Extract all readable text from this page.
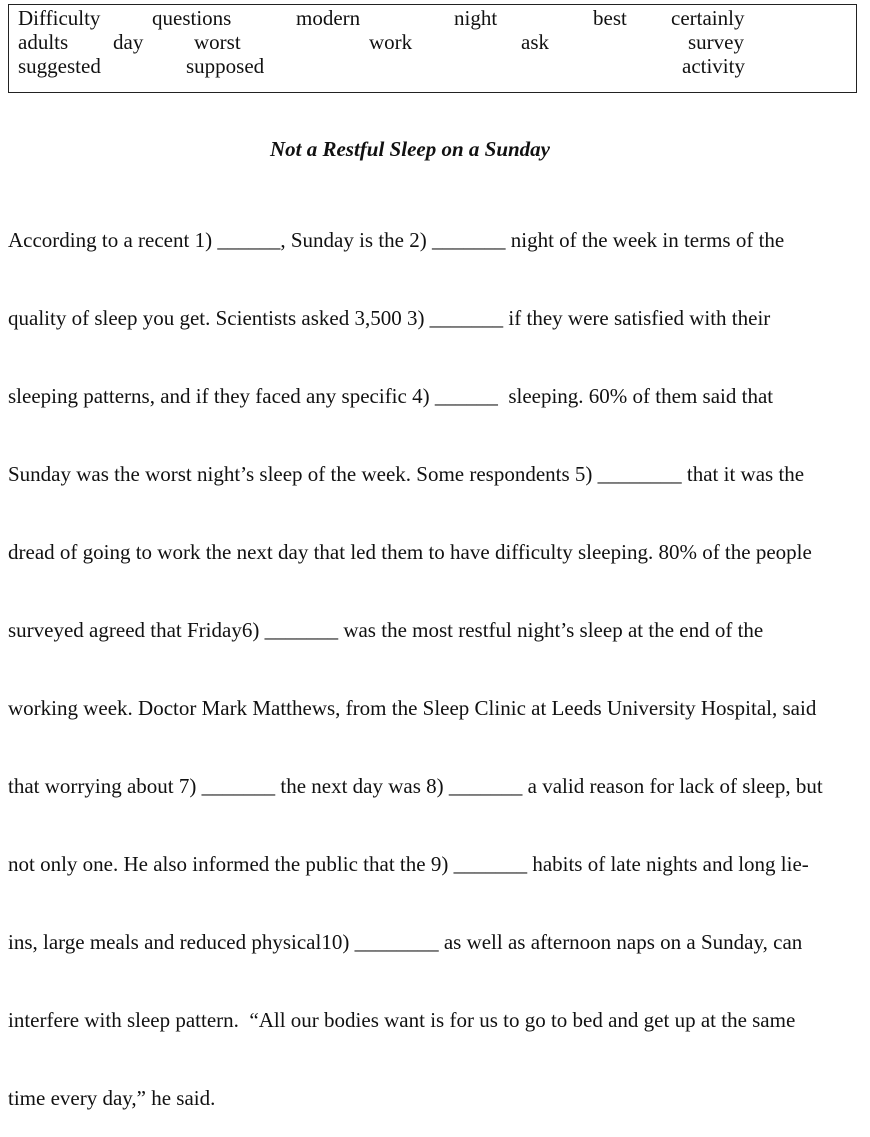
Difficulty questions	modern	night	best certainly
adults day worst	work	ask	survey
suggested	supposed	activity
Not a Restful Sleep on a Sunday

According to a recent 1) ______, Sunday is the 2) _______ night of the week in terms of the

quality of sleep you get. Scientists asked 3,500 3) _______ if they were satisfied with their

sleeping patterns, and if they faced any specific 4) ______  sleeping. 60% of them said that

Sunday was the worst night’s sleep of the week. Some respondents 5) ________ that it was the

dread of going to work the next day that led them to have difficulty sleeping. 80% of the people

surveyed agreed that Friday6) _______ was the most restful night’s sleep at the end of the

working week. Doctor Mark Matthews, from the Sleep Clinic at Leeds University Hospital, said

that worrying about 7) _______ the next day was 8) _______ a valid reason for lack of sleep, but

not only one. He also informed the public that the 9) _______ habits of late nights and long lie-

ins, large meals and reduced physical10) ________ as well as afternoon naps on a Sunday, can

interfere with sleep pattern.  “All our bodies want is for us to go to bed and get up at the same

time every day,” he said.
